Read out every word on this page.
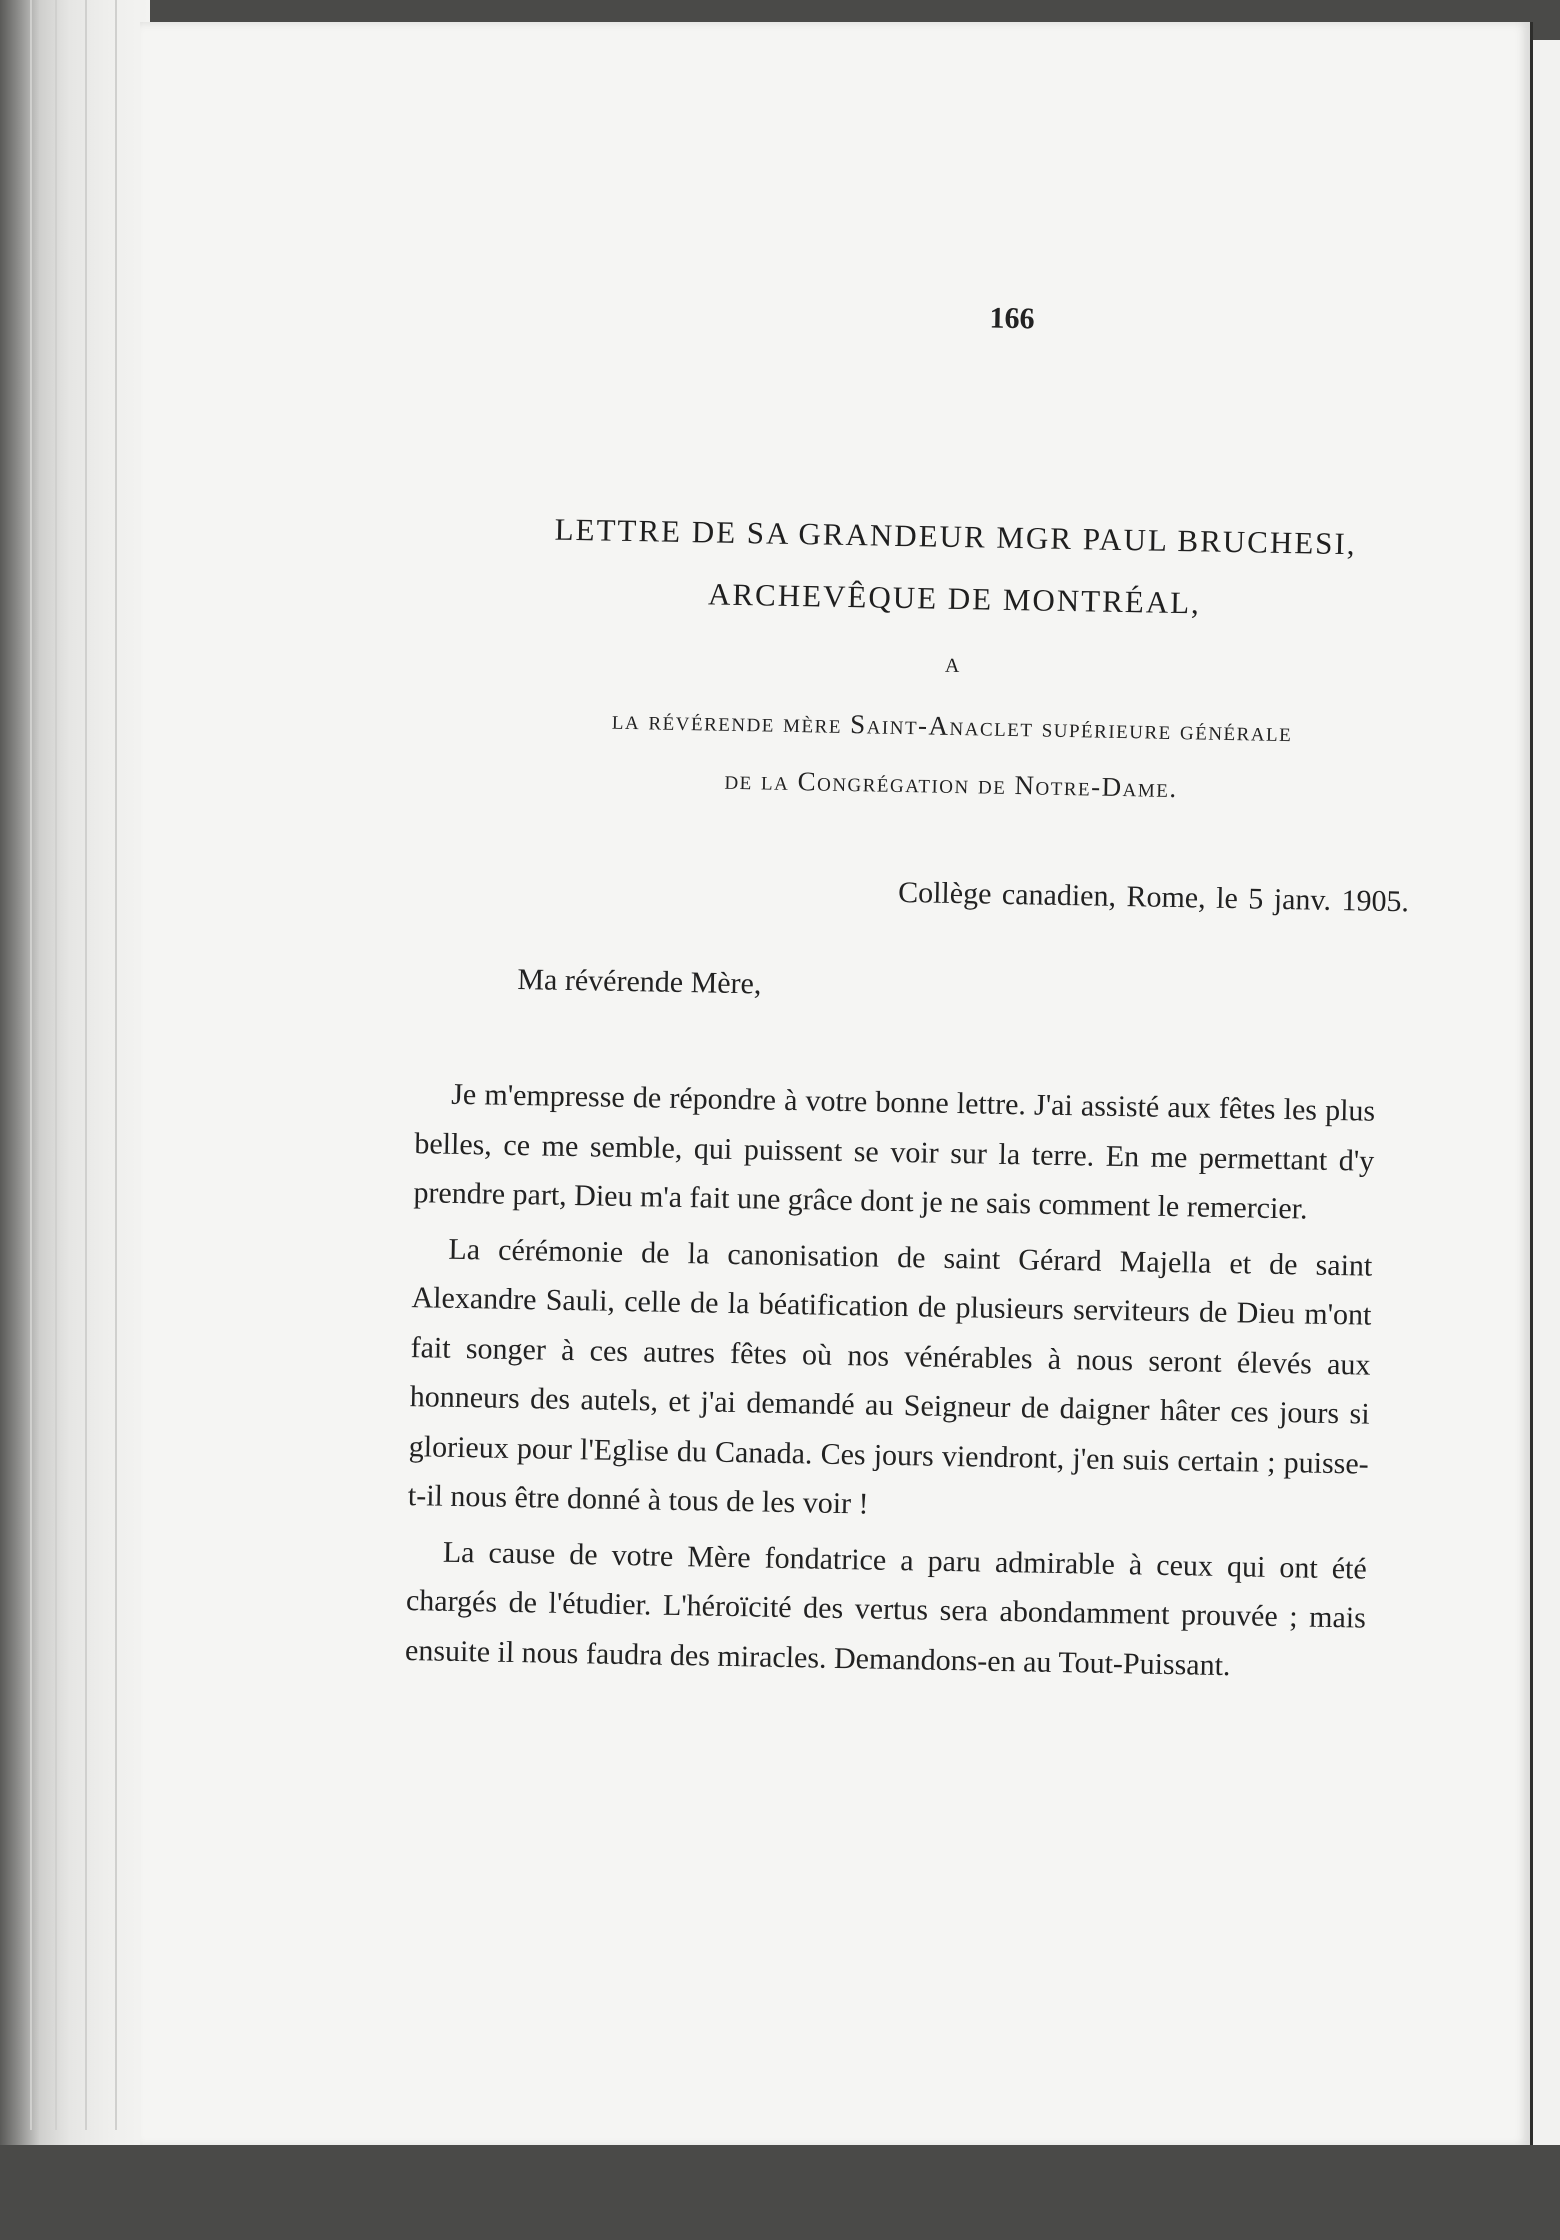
166
LETTRE DE SA GRANDEUR MGR PAUL BRUCHESI,
ARCHEVÊQUE DE MONTRÉAL,
A
la révérende mère Saint-Anaclet supérieure générale
de la Congrégation de Notre-Dame.
Collège canadien, Rome, le 5 janv. 1905.
Ma révérende Mère,

Je m'empresse de répondre à votre bonne lettre. J'ai assisté aux fêtes les plus belles, ce me semble, qui puissent se voir sur la terre. En me permettant d'y prendre part, Dieu m'a fait une grâce dont je ne sais comment le remercier.

La cérémonie de la canonisation de saint Gérard Majella et de saint Alexandre Sauli, celle de la béatification de plusieurs serviteurs de Dieu m'ont fait songer à ces autres fêtes où nos vénérables à nous seront élevés aux honneurs des autels, et j'ai demandé au Seigneur de daigner hâter ces jours si glorieux pour l'Eglise du Canada. Ces jours viendront, j'en suis certain ; puisse-t-il nous être donné à tous de les voir !

La cause de votre Mère fondatrice a paru admirable à ceux qui ont été chargés de l'étudier. L'héroïcité des vertus sera abondamment prouvée ; mais ensuite il nous faudra des miracles. Demandons-en au Tout-Puissant.
